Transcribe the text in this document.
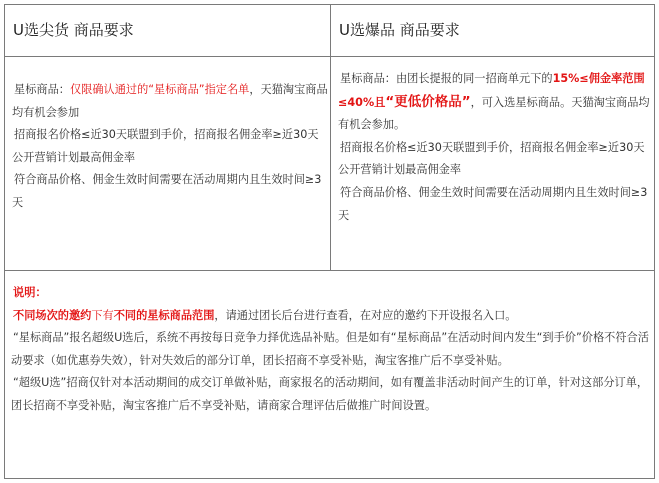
U选尖货 商品要求	U选爆品 商品要求
星标商品：仅限确认通过的“星标商品”指定名单，天猫淘宝商品均有机会参加
招商报名价格≤近30天联盟到手价，招商报名佣金率≥近30天公开营销计划最高佣金率
符合商品价格、佣金生效时间需要在活动周期内且生效时间≥3天
星标商品：由团长提报的同一招商单元下的15%≤佣金率范围≤40%且“更低价格品”，可入选星标商品。天猫淘宝商品均有机会参加。
招商报名价格≤近30天联盟到手价，招商报名佣金率≥近30天公开营销计划最高佣金率
符合商品价格、佣金生效时间需要在活动周期内且生效时间≥3天
说明：
不同场次的邀约下有不同的星标商品范围，请通过团长后台进行查看，在对应的邀约下开设报名入口。
“星标商品”报名超级U选后，系统不再按每日竞争力择优选品补贴。但是如有“星标商品”在活动时间内发生“到手价”价格不符合活动要求（如优惠券失效），针对失效后的部分订单，团长招商不享受补贴，淘宝客推广后不享受补贴。
“超级U选”招商仅针对本活动期间的成交订单做补贴，商家报名的活动期间，如有覆盖非活动时间产生的订单，针对这部分订单，团长招商不享受补贴，淘宝客推广后不享受补贴，请商家合理评估后做推广时间设置。
